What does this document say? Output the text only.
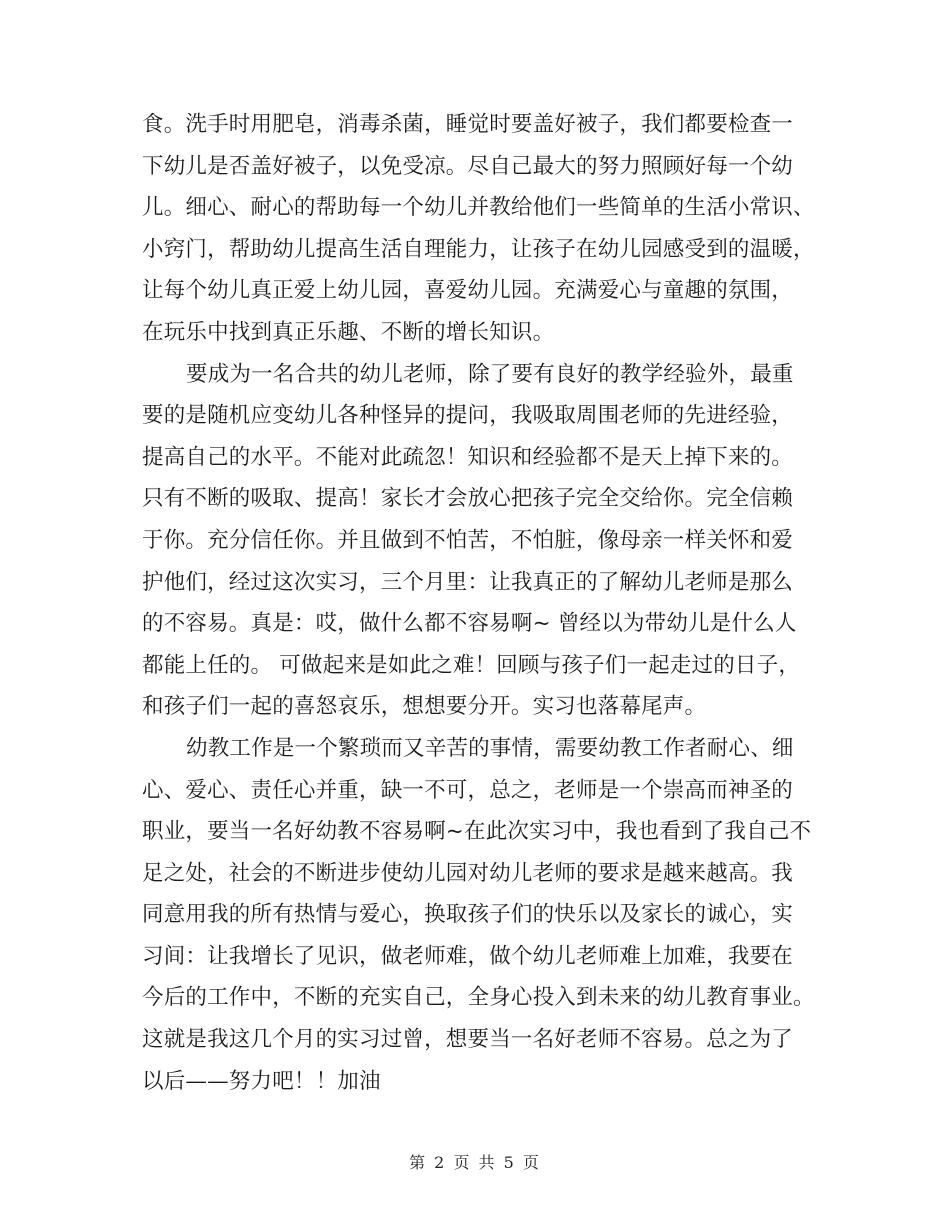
食。洗手时用肥皂，消毒杀菌，睡觉时要盖好被子，我们都要检查一
下幼儿是否盖好被子，以免受凉。尽自己最大的努力照顾好每一个幼
儿。细心、耐心的帮助每一个幼儿并教给他们一些简单的生活小常识、
小窍门，帮助幼儿提高生活自理能力，让孩子在幼儿园感受到的温暖，
让每个幼儿真正爱上幼儿园，喜爱幼儿园。充满爱心与童趣的氛围，
在玩乐中找到真正乐趣、不断的增长知识。
要成为一名合共的幼儿老师，除了要有良好的教学经验外，最重
要的是随机应变幼儿各种怪异的提问，我吸取周围老师的先进经验，
提高自己的水平。不能对此疏忽！知识和经验都不是天上掉下来的。
只有不断的吸取、提高！家长才会放心把孩子完全交给你。完全信赖
于你。充分信任你。并且做到不怕苦，不怕脏，像母亲一样关怀和爱
护他们，经过这次实习，三个月里：让我真正的了解幼儿老师是那么
的不容易。真是：哎，做什么都不容易啊~ 曾经以为带幼儿是什么人
都能上任的。 可做起来是如此之难！回顾与孩子们一起走过的日子，
和孩子们一起的喜怒哀乐，想想要分开。实习也落幕尾声。
幼教工作是一个繁琐而又辛苦的事情，需要幼教工作者耐心、细
心、爱心、责任心并重，缺一不可，总之，老师是一个崇高而神圣的
职业，要当一名好幼教不容易啊~在此次实习中，我也看到了我自己不
足之处，社会的不断进步使幼儿园对幼儿老师的要求是越来越高。我
同意用我的所有热情与爱心，换取孩子们的快乐以及家长的诚心，实
习间：让我增长了见识，做老师难，做个幼儿老师难上加难，我要在
今后的工作中，不断的充实自己，全身心投入到未来的幼儿教育事业。
这就是我这几个月的实习过曾，想要当一名好老师不容易。总之为了
以后——努力吧！！加油
第 2 页 共 5 页
